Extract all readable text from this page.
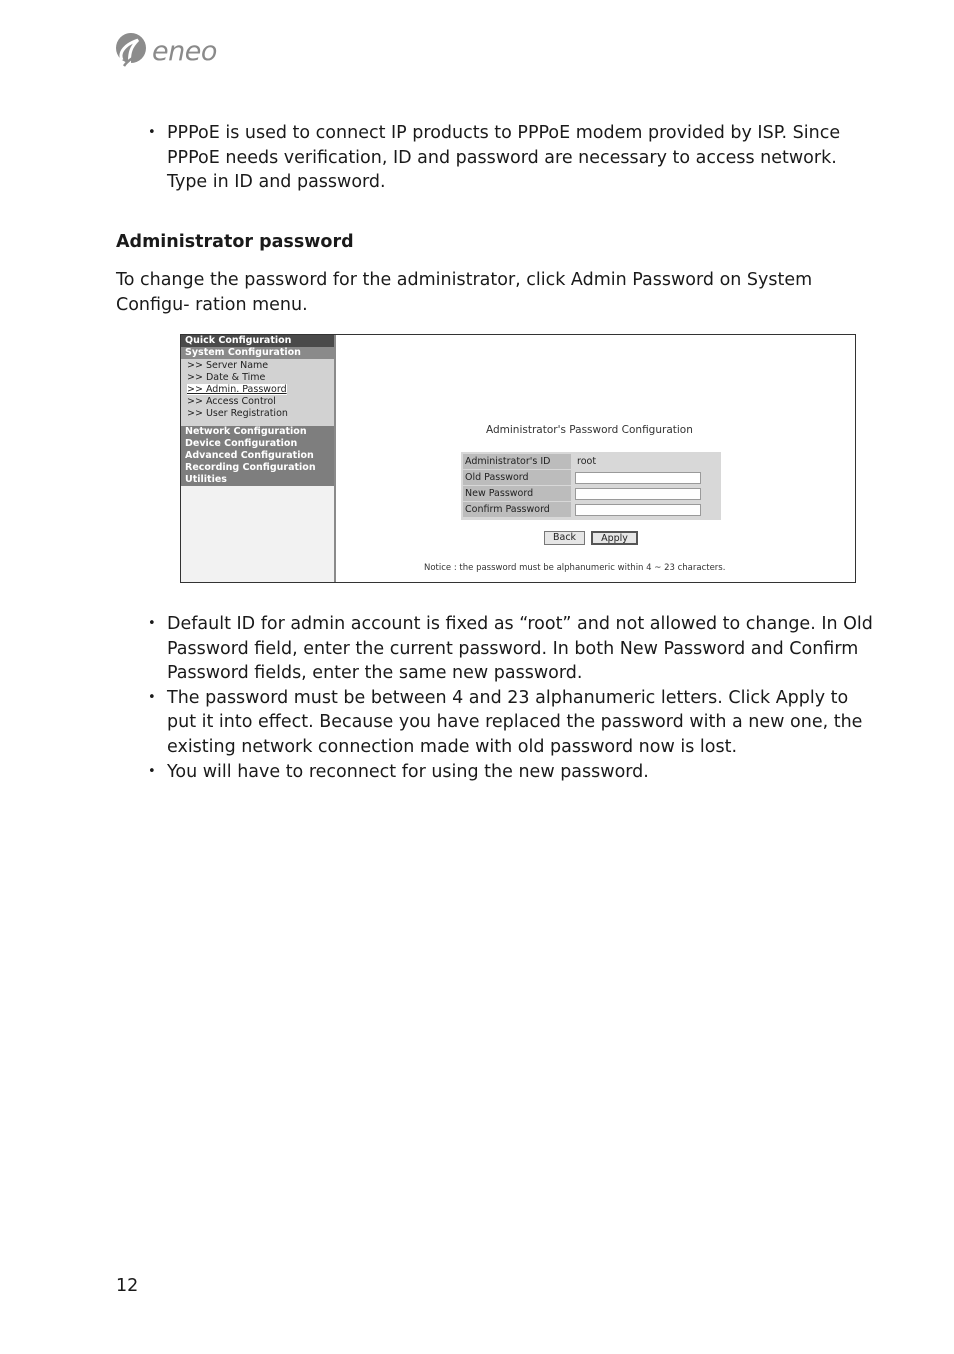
eneo
• PPPoE is used to connect IP products to PPPoE modem provided by ISP. Since PPPoE needs verification, ID and password are necessary to access network. Type in ID and password.
Administrator password
To change the password for the administrator, click Admin Password on System Configu- ration menu.
Quick Configuration
System Configuration
>> Server Name
>> Date & Time
>> Admin. Password
>> Access Control
>> User Registration
Network Configuration
Device Configuration
Advanced Configuration
Recording Configuration
Utilities
Administrator's Password Configuration
Administrator's ID	root
Old Password
New Password
Confirm Password
Back	Apply
Notice : the password must be alphanumeric within 4 ~ 23 characters.
• Default ID for admin account is fixed as “root” and not allowed to change. In Old Password field, enter the current password. In both New Password and Confirm Password fields, enter the same new password.
• The password must be between 4 and 23 alphanumeric letters. Click Apply to put it into effect. Because you have replaced the password with a new one, the existing network connection made with old password now is lost.
• You will have to reconnect for using the new password.
12
